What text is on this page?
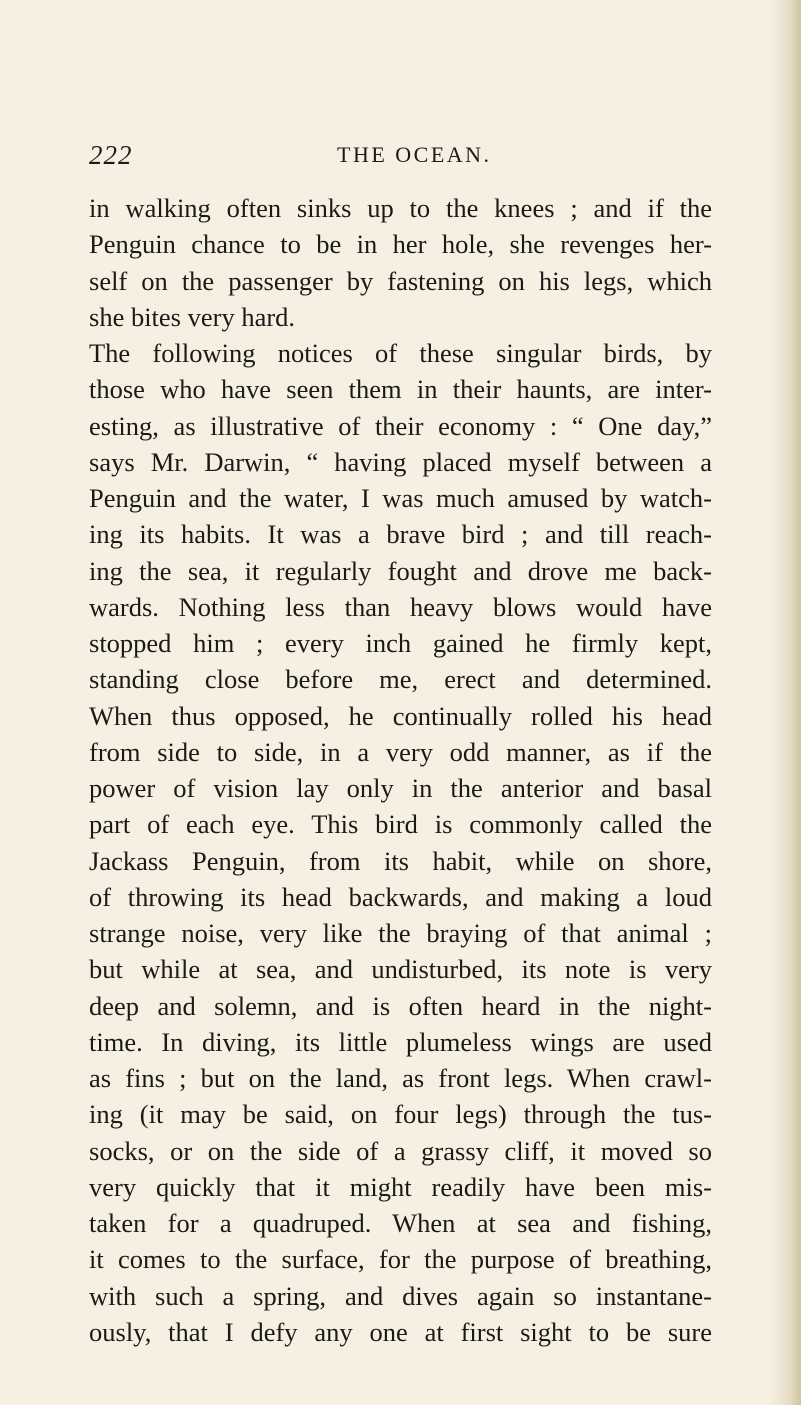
222	THE OCEAN.
in walking often sinks up to the knees ; and if the
Penguin chance to be in her hole, she revenges her-
self on the passenger by fastening on his legs, which
she bites very hard.
The following notices of these singular birds, by
those who have seen them in their haunts, are inter-
esting, as illustrative of their economy : “ One day,”
says Mr. Darwin, “ having placed myself between a
Penguin and the water, I was much amused by watch-
ing its habits. It was a brave bird ; and till reach-
ing the sea, it regularly fought and drove me back-
wards. Nothing less than heavy blows would have
stopped him ; every inch gained he firmly kept,
standing close before me, erect and determined.
When thus opposed, he continually rolled his head
from side to side, in a very odd manner, as if the
power of vision lay only in the anterior and basal
part of each eye. This bird is commonly called the
Jackass Penguin, from its habit, while on shore,
of throwing its head backwards, and making a loud
strange noise, very like the braying of that animal ;
but while at sea, and undisturbed, its note is very
deep and solemn, and is often heard in the night-
time. In diving, its little plumeless wings are used
as fins ; but on the land, as front legs. When crawl-
ing (it may be said, on four legs) through the tus-
socks, or on the side of a grassy cliff, it moved so
very quickly that it might readily have been mis-
taken for a quadruped. When at sea and fishing,
it comes to the surface, for the purpose of breathing,
with such a spring, and dives again so instantane-
ously, that I defy any one at first sight to be sure
